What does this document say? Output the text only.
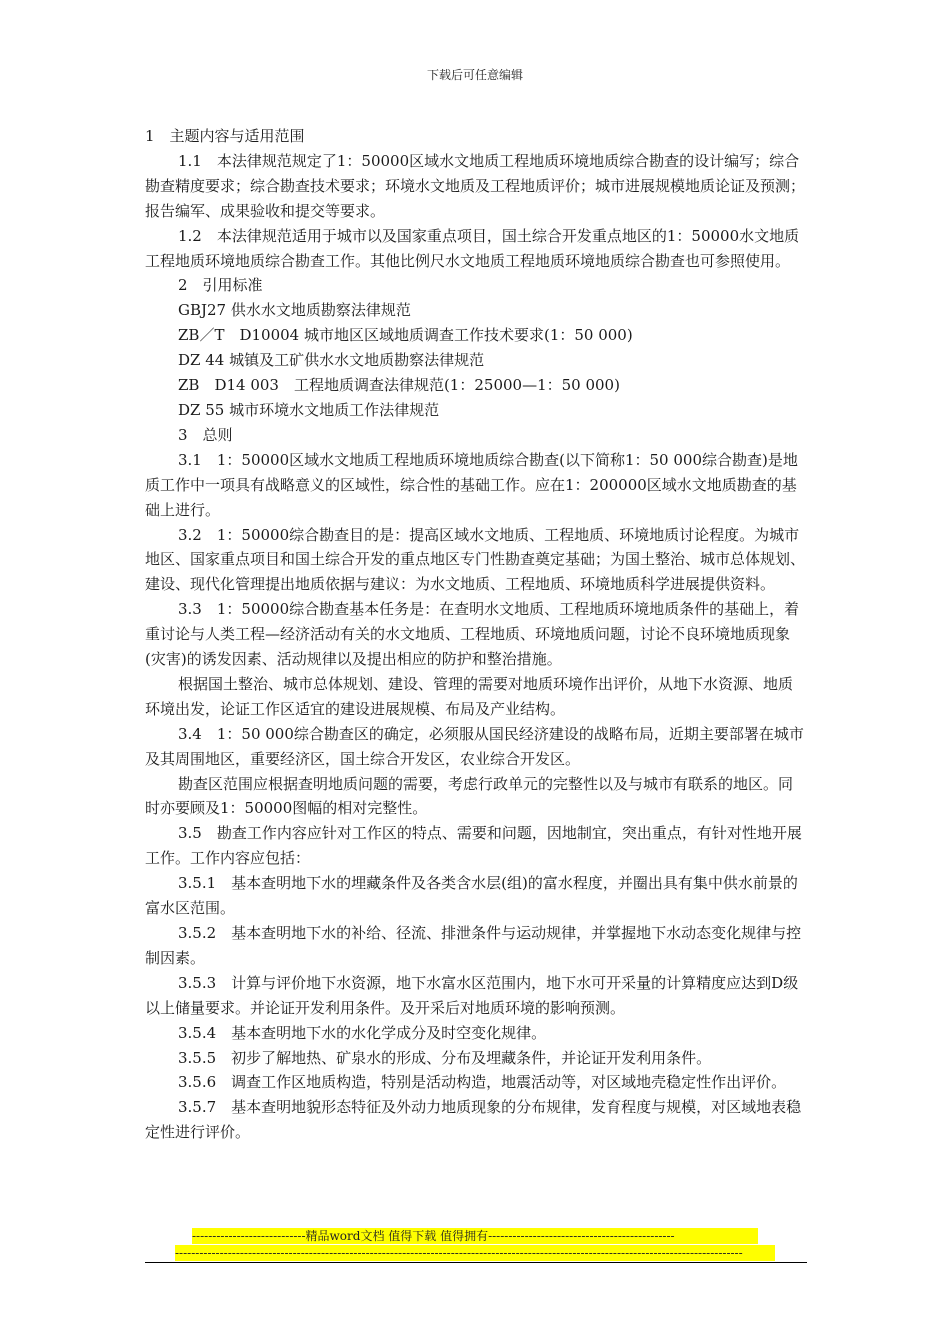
下载后可任意编辑

1　主题内容与适用范围

1.1　本法律规范规定了1：50000区域水文地质工程地质环境地质综合勘查的设计编写；综合勘查精度要求；综合勘查技术要求；环境水文地质及工程地质评价；城市进展规模地质论证及预测；报告编军、成果验收和提交等要求。

1.2　本法律规范适用于城市以及国家重点项目，国土综合开发重点地区的1：50000水文地质工程地质环境地质综合勘查工作。其他比例尺水文地质工程地质环境地质综合勘查也可参照使用。

2　引用标准

GBJ27 供水水文地质勘察法律规范

ZB／T　D10004 城市地区区域地质调查工作技术要求(1：50 000)

DZ 44 城镇及工矿供水水文地质勘察法律规范

ZB　D14 003　工程地质调查法律规范(1：25000—1：50 000)

DZ 55 城市环境水文地质工作法律规范

3　总则

3.1　1：50000区域水文地质工程地质环境地质综合勘查(以下简称1：50 000综合勘查)是地质工作中一项具有战略意义的区域性，综合性的基础工作。应在1：200000区域水文地质勘查的基础上进行。

3.2　1：50000综合勘查目的是：提高区域水文地质、工程地质、环境地质讨论程度。为城市地区、国家重点项目和国土综合开发的重点地区专门性勘查奠定基础；为国土整治、城市总体规划、建设、现代化管理提出地质依据与建议：为水文地质、工程地质、环境地质科学进展提供资料。

3.3　1：50000综合勘查基本任务是：在查明水文地质、工程地质环境地质条件的基础上，着重讨论与人类工程—经济活动有关的水文地质、工程地质、环境地质问题，讨论不良环境地质现象(灾害)的诱发因素、活动规律以及提出相应的防护和整治措施。

根据国土整治、城市总体规划、建设、管理的需要对地质环境作出评价，从地下水资源、地质环境出发，论证工作区适宜的建设进展规模、布局及产业结构。

3.4　1：50 000综合勘查区的确定，必须服从国民经济建设的战略布局，近期主要部署在城市及其周围地区，重要经济区，国土综合开发区，农业综合开发区。

勘查区范围应根据查明地质问题的需要，考虑行政单元的完整性以及与城市有联系的地区。同时亦要顾及1：50000图幅的相对完整性。

3.5　勘查工作内容应针对工作区的特点、需要和问题，因地制宜，突出重点，有针对性地开展工作。工作内容应包括：

3.5.1　基本查明地下水的埋藏条件及各类含水层(组)的富水程度，并圈出具有集中供水前景的富水区范围。

3.5.2　基本查明地下水的补给、径流、排泄条件与运动规律，并掌握地下水动态变化规律与控制因素。

3.5.3　计算与评价地下水资源，地下水富水区范围内，地下水可开采量的计算精度应达到D级以上储量要求。并论证开发利用条件。及开采后对地质环境的影响预测。

3.5.4　基本查明地下水的水化学成分及时空变化规律。

3.5.5　初步了解地热、矿泉水的形成、分布及埋藏条件，并论证开发利用条件。

3.5.6　调查工作区地质构造，特别是活动构造，地震活动等，对区域地壳稳定性作出评价。

3.5.7　基本查明地貌形态特征及外动力地质现象的分布规律，发育程度与规模，对区域地表稳定性进行评价。

----------------------------精品word文档 值得下载 值得拥有----------------------------------------------
--------------------------------------------------------------------------------------------------------------------------------------------
